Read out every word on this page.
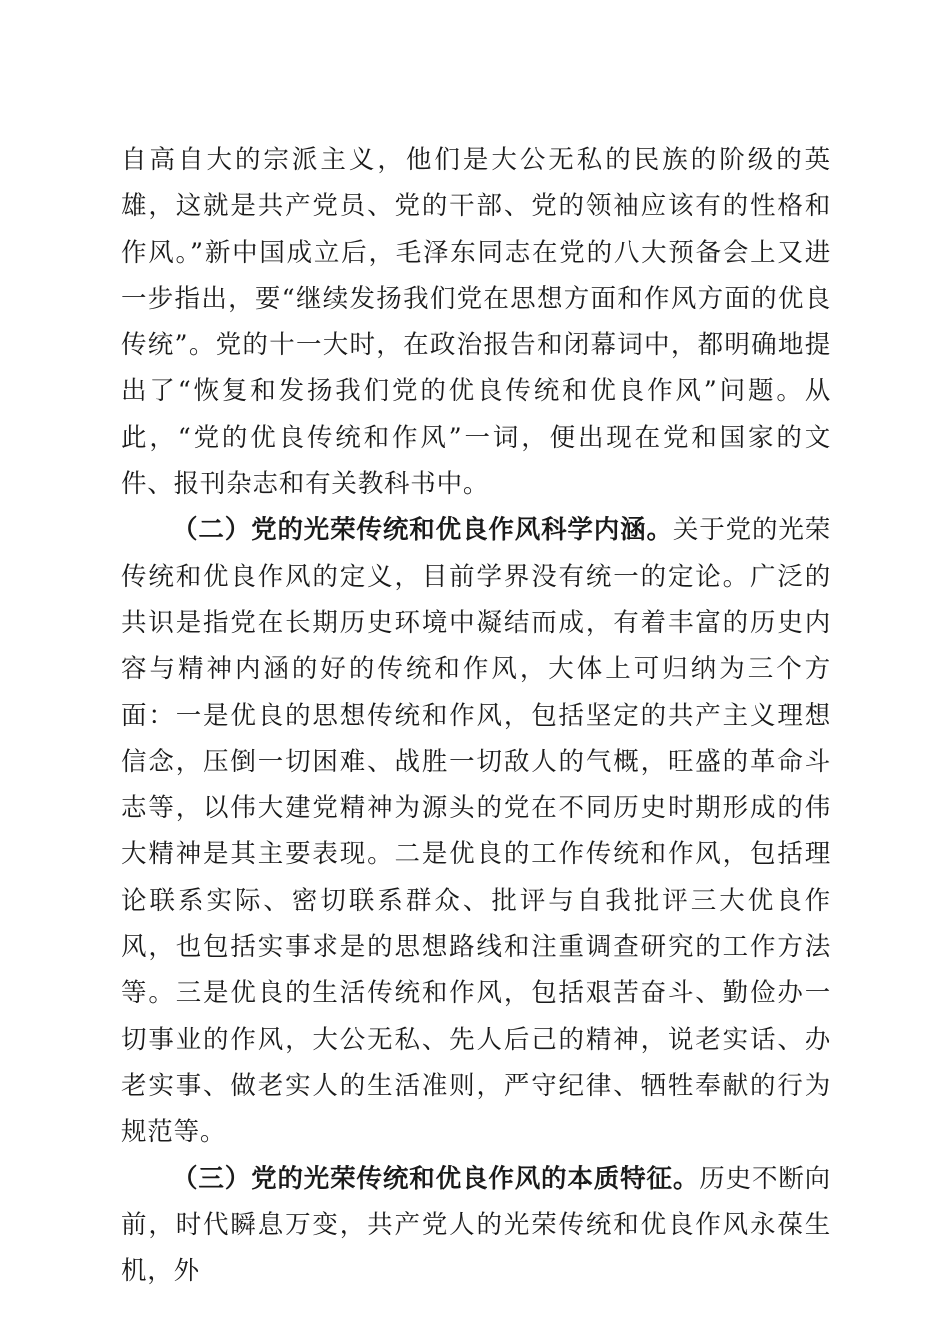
自高自大的宗派主义，他们是大公无私的民族的阶级的英雄，这就是共产党员、党的干部、党的领袖应该有的性格和作风。”新中国成立后，毛泽东同志在党的八大预备会上又进一步指出，要“继续发扬我们党在思想方面和作风方面的优良传统”。党的十一大时，在政治报告和闭幕词中，都明确地提出了“恢复和发扬我们党的优良传统和优良作风”问题。从此，“党的优良传统和作风”一词，便出现在党和国家的文件、报刊杂志和有关教科书中。

（二）党的光荣传统和优良作风科学内涵。关于党的光荣传统和优良作风的定义，目前学界没有统一的定论。广泛的共识是指党在长期历史环境中凝结而成，有着丰富的历史内容与精神内涵的好的传统和作风，大体上可归纳为三个方面：一是优良的思想传统和作风，包括坚定的共产主义理想信念，压倒一切困难、战胜一切敌人的气概，旺盛的革命斗志等，以伟大建党精神为源头的党在不同历史时期形成的伟大精神是其主要表现。二是优良的工作传统和作风，包括理论联系实际、密切联系群众、批评与自我批评三大优良作风，也包括实事求是的思想路线和注重调查研究的工作方法等。三是优良的生活传统和作风，包括艰苦奋斗、勤俭办一切事业的作风，大公无私、先人后己的精神，说老实话、办老实事、做老实人的生活准则，严守纪律、牺牲奉献的行为规范等。

（三）党的光荣传统和优良作风的本质特征。历史不断向前，时代瞬息万变，共产党人的光荣传统和优良作风永葆生机，外
